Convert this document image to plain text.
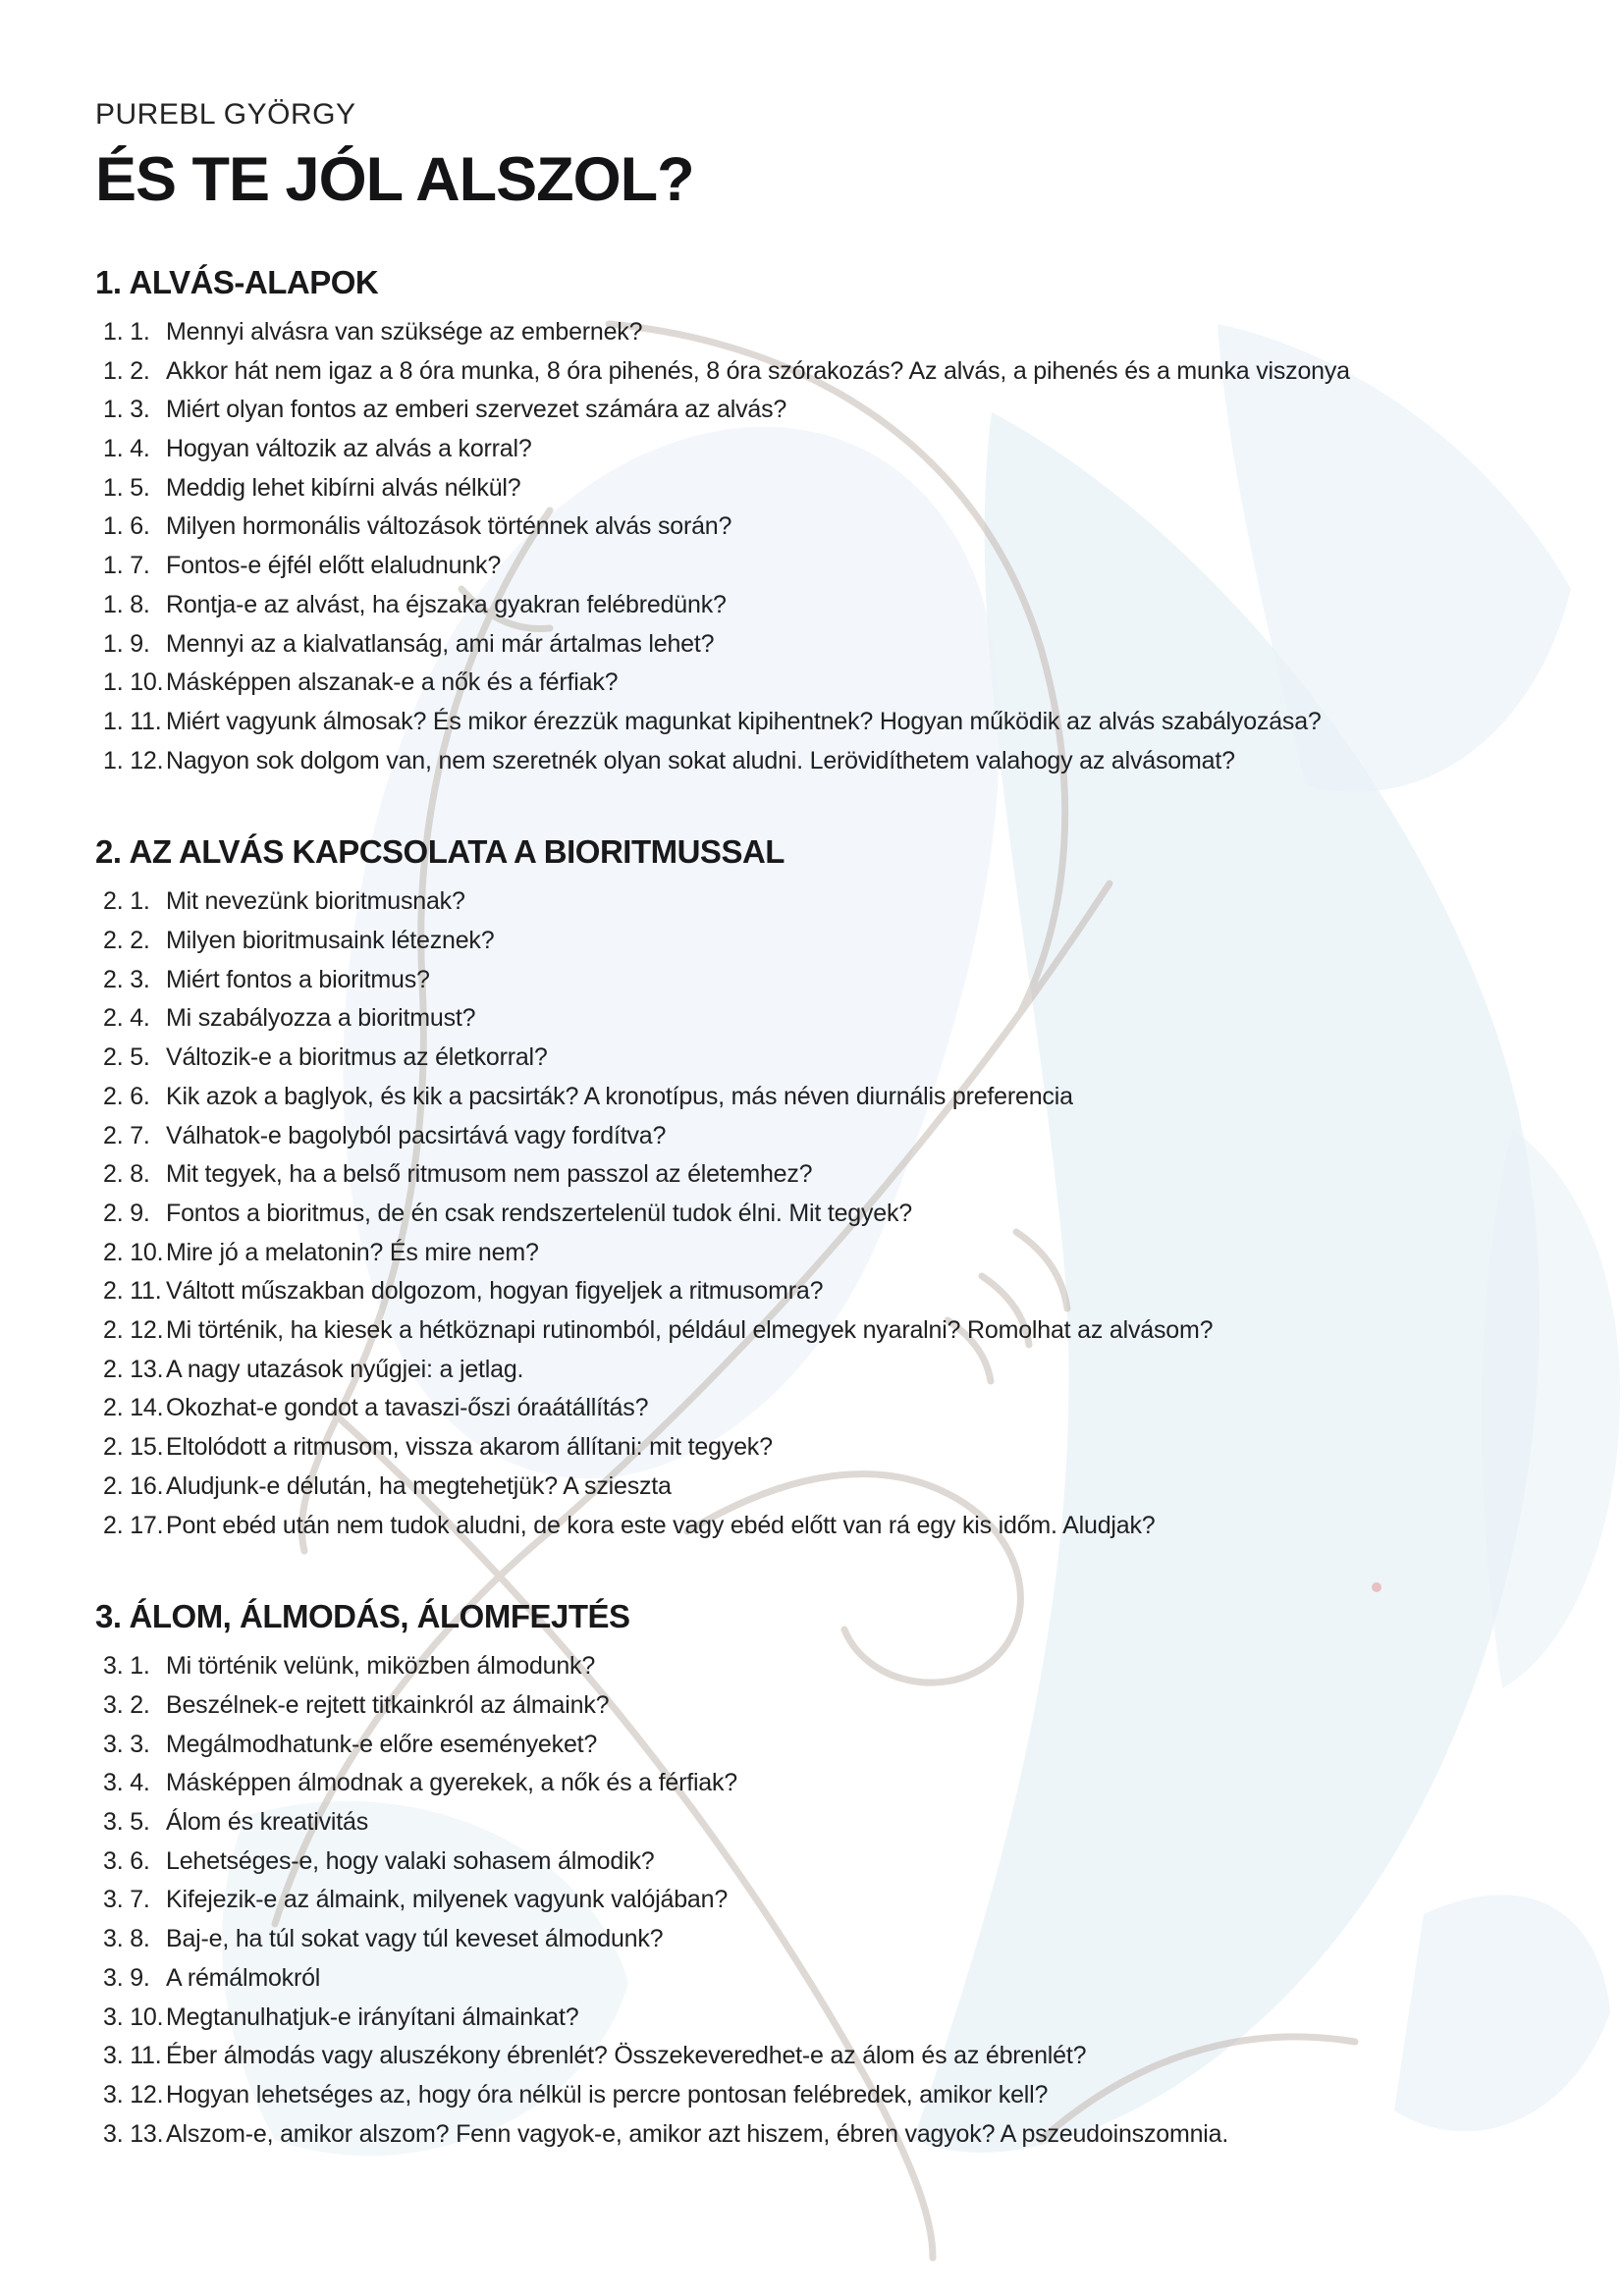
PUREBL GYÖRGY
ÉS TE JÓL ALSZOL?
1. ALVÁS-ALAPOK
1. 1. Mennyi alvásra van szüksége az embernek?
1. 2. Akkor hát nem igaz a 8 óra munka, 8 óra pihenés, 8 óra szórakozás? Az alvás, a pihenés és a munka viszonya
1. 3. Miért olyan fontos az emberi szervezet számára az alvás?
1. 4. Hogyan változik az alvás a korral?
1. 5. Meddig lehet kibírni alvás nélkül?
1. 6. Milyen hormonális változások történnek alvás során?
1. 7. Fontos-e éjfél előtt elaludnunk?
1. 8. Rontja-e az alvást, ha éjszaka gyakran felébredünk?
1. 9. Mennyi az a kialvatlanság, ami már ártalmas lehet?
1. 10. Másképpen alszanak-e a nők és a férfiak?
1. 11. Miért vagyunk álmosak? És mikor érezzük magunkat kipihentnek? Hogyan működik az alvás szabályozása?
1. 12. Nagyon sok dolgom van, nem szeretnék olyan sokat aludni. Lerövidíthetem valahogy az alvásomat?
2. AZ ALVÁS KAPCSOLATA A BIORITMUSSAL
2. 1. Mit nevezünk bioritmusnak?
2. 2. Milyen bioritmusaink léteznek?
2. 3. Miért fontos a bioritmus?
2. 4. Mi szabályozza a bioritmust?
2. 5. Változik-e a bioritmus az életkorral?
2. 6. Kik azok a baglyok, és kik a pacsirták? A kronotípus, más néven diurnális preferencia
2. 7. Válhatok-e bagolyból pacsirtává vagy fordítva?
2. 8. Mit tegyek, ha a belső ritmusom nem passzol az életemhez?
2. 9. Fontos a bioritmus, de én csak rendszertelenül tudok élni. Mit tegyek?
2. 10. Mire jó a melatonin? És mire nem?
2. 11. Váltott műszakban dolgozom, hogyan figyeljek a ritmusomra?
2. 12. Mi történik, ha kiesek a hétköznapi rutinomból, például elmegyek nyaralni? Romolhat az alvásom?
2. 13. A nagy utazások nyűgjei: a jetlag.
2. 14. Okozhat-e gondot a tavaszi-őszi óraátállítás?
2. 15. Eltolódott a ritmusom, vissza akarom állítani: mit tegyek?
2. 16. Aludjunk-e délután, ha megtehetjük? A szieszta
2. 17. Pont ebéd után nem tudok aludni, de kora este vagy ebéd előtt van rá egy kis időm. Aludjak?
3. ÁLOM, ÁLMODÁS, ÁLOMFEJTÉS
3. 1. Mi történik velünk, miközben álmodunk?
3. 2. Beszélnek-e rejtett titkainkról az álmaink?
3. 3. Megálmodhatunk-e előre eseményeket?
3. 4. Másképpen álmodnak a gyerekek, a nők és a férfiak?
3. 5. Álom és kreativitás
3. 6. Lehetséges-e, hogy valaki sohasem álmodik?
3. 7. Kifejezik-e az álmaink, milyenek vagyunk valójában?
3. 8. Baj-e, ha túl sokat vagy túl keveset álmodunk?
3. 9. A rémálmokról
3. 10. Megtanulhatjuk-e irányítani álmainkat?
3. 11. Éber álmodás vagy aluszékony ébrenlét? Összekeveredhet-e az álom és az ébrenlét?
3. 12. Hogyan lehetséges az, hogy óra nélkül is percre pontosan felébredek, amikor kell?
3. 13. Alszom-e, amikor alszom? Fenn vagyok-e, amikor azt hiszem, ébren vagyok? A pszeudoinszomnia.
